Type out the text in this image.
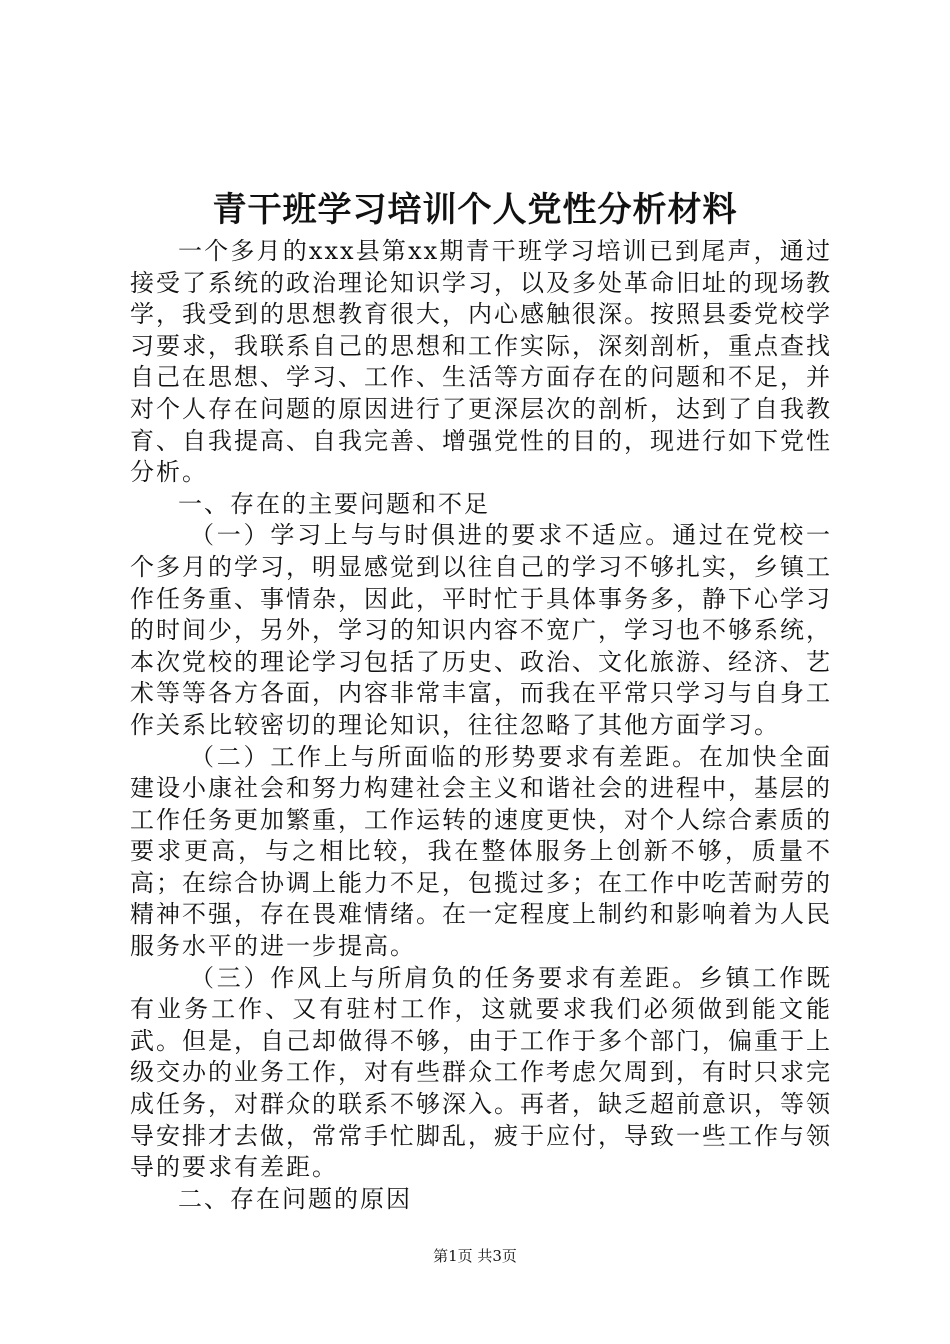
青干班学习培训个人党性分析材料

一个多月的xxx县第xx期青干班学习培训已到尾声，通过接受了系统的政治理论知识学习，以及多处革命旧址的现场教学，我受到的思想教育很大，内心感触很深。按照县委党校学习要求，我联系自己的思想和工作实际，深刻剖析，重点查找自己在思想、学习、工作、生活等方面存在的问题和不足，并对个人存在问题的原因进行了更深层次的剖析，达到了自我教育、自我提高、自我完善、增强党性的目的，现进行如下党性分析。

一、存在的主要问题和不足

（一）学习上与与时俱进的要求不适应。通过在党校一个多月的学习，明显感觉到以往自己的学习不够扎实，乡镇工作任务重、事情杂，因此，平时忙于具体事务多，静下心学习的时间少，另外，学习的知识内容不宽广，学习也不够系统，本次党校的理论学习包括了历史、政治、文化旅游、经济、艺术等等各方各面，内容非常丰富，而我在平常只学习与自身工作关系比较密切的理论知识，往往忽略了其他方面学习。

（二）工作上与所面临的形势要求有差距。在加快全面建设小康社会和努力构建社会主义和谐社会的进程中，基层的工作任务更加繁重，工作运转的速度更快，对个人综合素质的要求更高，与之相比较，我在整体服务上创新不够，质量不高；在综合协调上能力不足，包揽过多；在工作中吃苦耐劳的精神不强，存在畏难情绪。在一定程度上制约和影响着为人民服务水平的进一步提高。

（三）作风上与所肩负的任务要求有差距。乡镇工作既有业务工作、又有驻村工作，这就要求我们必须做到能文能武。但是，自己却做得不够，由于工作于多个部门，偏重于上级交办的业务工作，对有些群众工作考虑欠周到，有时只求完成任务，对群众的联系不够深入。再者，缺乏超前意识，等领导安排才去做，常常手忙脚乱，疲于应付，导致一些工作与领导的要求有差距。

二、存在问题的原因

第1页 共3页
